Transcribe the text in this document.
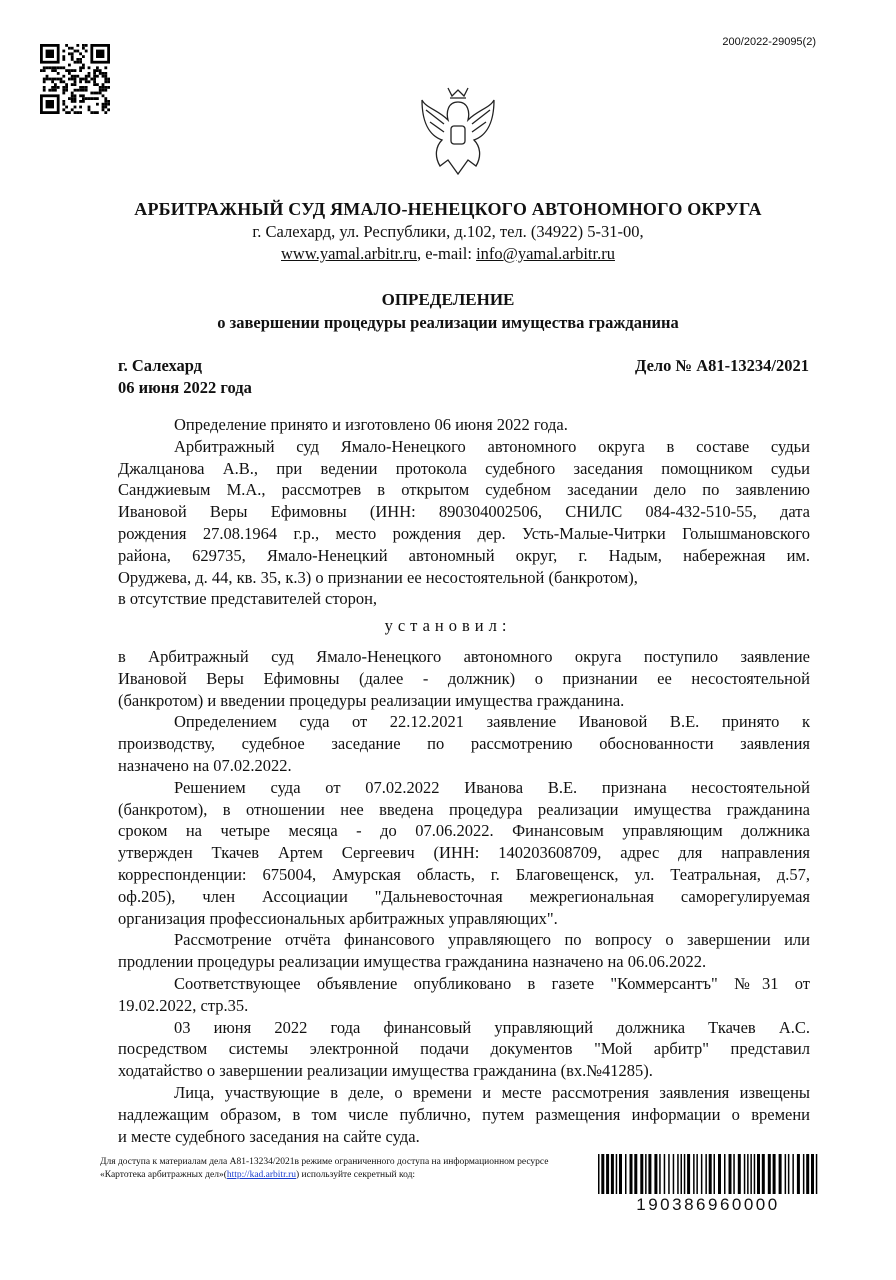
200/2022-29095(2)
АРБИТРАЖНЫЙ СУД ЯМАЛО-НЕНЕЦКОГО АВТОНОМНОГО ОКРУГА
г. Салехард, ул. Республики, д.102, тел. (34922) 5-31-00,
www.yamal.arbitr.ru, e-mail: info@yamal.arbitr.ru
ОПРЕДЕЛЕНИЕ
о завершении процедуры реализации имущества гражданина
г. Салехард
06 июня 2022 года
Дело № А81-13234/2021
Определение принято и изготовлено 06 июня 2022 года.
Арбитражный суд Ямало-Ненецкого автономного округа в составе судьи
Джалцанова А.В., при ведении протокола судебного заседания помощником судьи
Санджиевым М.А., рассмотрев в открытом судебном заседании дело по заявлению
Ивановой Веры Ефимовны (ИНН: 890304002506, СНИЛС 084-432-510-55, дата
рождения 27.08.1964 г.р., место рождения дер. Усть-Малые-Читрки Голышмановского
района, 629735, Ямало-Ненецкий автономный округ, г. Надым, набережная им.
Оруджева, д. 44, кв. 35, к.3) о признании ее несостоятельной (банкротом),
в отсутствие представителей сторон,
установил:
в Арбитражный суд Ямало-Ненецкого автономного округа поступило заявление
Ивановой Веры Ефимовны (далее - должник) о признании ее несостоятельной
(банкротом) и введении процедуры реализации имущества гражданина.
Определением суда от 22.12.2021 заявление Ивановой В.Е. принято к
производству, судебное заседание по рассмотрению обоснованности заявления
назначено на 07.02.2022.
Решением суда от 07.02.2022 Иванова В.Е. признана несостоятельной
(банкротом), в отношении нее введена процедура реализации имущества гражданина
сроком на четыре месяца - до 07.06.2022. Финансовым управляющим должника
утвержден Ткачев Артем Сергеевич (ИНН: 140203608709, адрес для направления
корреспонденции: 675004, Амурская область, г. Благовещенск, ул. Театральная, д.57,
оф.205), член Ассоциации "Дальневосточная межрегиональная саморегулируемая
организация профессиональных арбитражных управляющих".
Рассмотрение отчёта финансового управляющего по вопросу о завершении или
продлении процедуры реализации имущества гражданина назначено на 06.06.2022.
Соответствующее объявление опубликовано в газете "Коммерсантъ" №31 от
19.02.2022, стр.35.
03 июня 2022 года финансовый управляющий должника Ткачев А.С.
посредством системы электронной подачи документов "Мой арбитр" представил
ходатайство о завершении реализации имущества гражданина (вх.№41285).
Лица, участвующие в деле, о времени и месте рассмотрения заявления извещены
надлежащим образом, в том числе публично, путем размещения информации о времени
и месте судебного заседания на сайте суда.
Для доступа к материалам дела А81-13234/2021в режиме ограниченного доступа на информационном ресурсе «Картотека арбитражных дел»(http://kad.arbitr.ru) используйте секретный код:
190386960000
